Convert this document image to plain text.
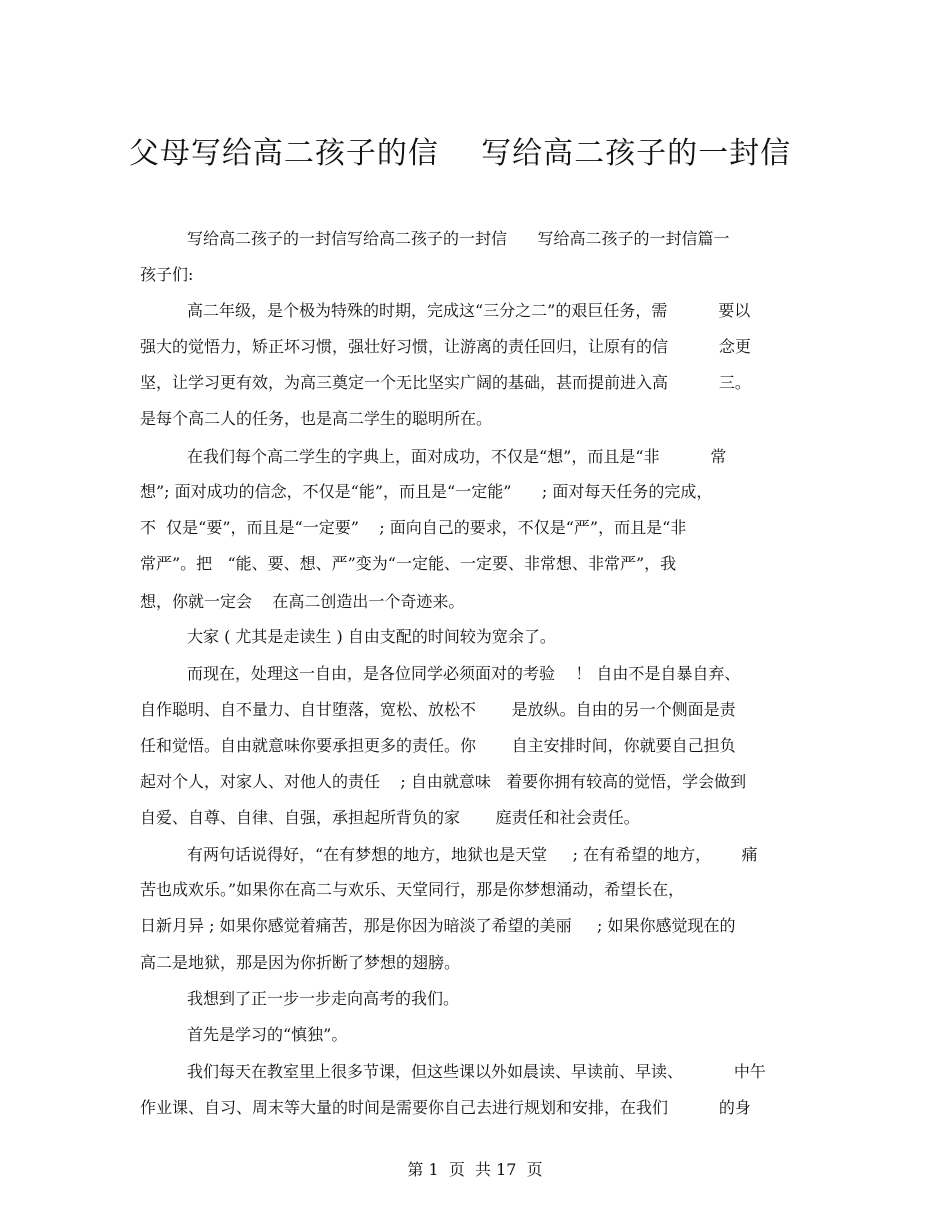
父母写给高二孩子的信    写给高二孩子的一封信
写给高二孩子的一封信写给高二孩子的一封信      写给高二孩子的一封信篇一
孩子们:
高二年级，是个极为特殊的时期，完成这“三分之二”的艰巨任务，需          要以
强大的觉悟力，矫正坏习惯，强壮好习惯，让游离的责任回归，让原有的信          念更
坚，让学习更有效，为高三奠定一个无比坚实广阔的基础，甚而提前进入高          三。
是每个高二人的任务，也是高二学生的聪明所在。
在我们每个高二学生的字典上，面对成功，不仅是“想”，而且是“非          常
想”; 面对成功的信念，不仅是“能”，而且是“一定能”      ; 面对每天任务的完成，
不  仅是“要”，而且是“一定要”    ; 面向自己的要求，不仅是“严”，而且是“非
常严”。把   “能、要、想、严”变为“一定能、一定要、非常想、非常严”，我
想，你就一定会    在高二创造出一个奇迹来。
大家 ( 尤其是走读生 ) 自由支配的时间较为宽余了。
而现在，处理这一自由，是各位同学必须面对的考验    ！ 自由不是自暴自弃、
自作聪明、自不量力、自甘堕落，宽松、放松不       是放纵。自由的另一个侧面是责
任和觉悟。自由就意味你要承担更多的责任。你       自主安排时间，你就要自己担负
起对个人，对家人、对他人的责任    ; 自由就意味   着要你拥有较高的觉悟，学会做到
自爱、自尊、自律、自强，承担起所背负的家       庭责任和社会责任。
有两句话说得好，“在有梦想的地方，地狱也是天堂     ; 在有希望的地方，      痛
苦也成欢乐。”如果你在高二与欢乐、天堂同行，那是你梦想涌动，希望长在，
日新月异 ; 如果你感觉着痛苦，那是你因为暗淡了希望的美丽     ; 如果你感觉现在的
高二是地狱，那是因为你折断了梦想的翅膀。
我想到了正一步一步走向高考的我们。
首先是学习的“慎独”。
我们每天在教室里上很多节课，但这些课以外如晨读、早读前、早读、          中午
作业课、自习、周末等大量的时间是需要你自己去进行规划和安排，在我们          的身
第 1  页  共 17  页
